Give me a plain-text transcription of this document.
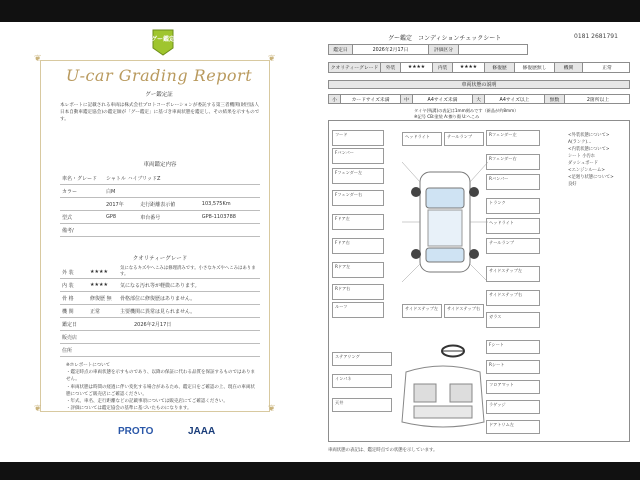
❦	❦
❦	❦
グー鑑定
U-car Grading Report
グー鑑定証
本レポートに記載される車両は株式会社プロトコーポレーションが委託する第三者機関(財団法人日本自動車鑑定協会)の鑑定師が「グー鑑定」に基づき車両状態を鑑定し、その結果を示すものです。
車両鑑定内容
車名・グレード	シャトル ハイブリッドZ		
カラー	白M		
	2017年	走行距離表示値	103,575Km
型式	GP8	車台番号	GP8-1103788
備考/			
クオリティーグレード
外 装	★★★★	気になるキズやへこみは修理済みです。小さなキズやへこみはあります。
内 装	★★★★	気になる汚れ等が軽微にあります。
骨 格	修復歴 無	骨格部位に修復歴はありません。
機 関	正常	主要機関に異常は見られません。
鑑定日	2026年2月17日
販売店	
住所	
※ホレポートについて
・鑑定時点の車両状態を示すものであり、以降の保証に代わる品質を保証するものではありません。
・車両状態は時間の経過に伴い変化する場合があるため、鑑定日をご確認の上、現在の車両状態についてご販売店にご確認ください。
・年式、車名、走行距離などの記載事項については販売店にてご確認ください。
・評価については鑑定協会の基準に基づいたものになります。
PROTO	JAAA
グー鑑定　コンディションチェックシート	0181 2681791
鑑定日	2026年2月17日	評価区分
クオリティーグレード	外装	★★★★	内装	★★★★	修復歴	修復歴無し	機関	正常
車両状態の説明
小	カードサイズ未満	中	A4サイズ未満	大	A4サイズ以上	無数	2箇所以上
タイヤ(残溝)の表記は1mm刻みです（新品が約8mm）
※記号 CB:塗装 A:擦り傷 U:へこみ
フード
Fバンパー
Fフェンダー左
Fフェンダー右
Fドア左
Fドア右
Rドア左
Rドア右
ルーフ
ヘッドライト	テールランプ
サイドステップ左	サイドステップ右
ステアリング
インパネ
天井
Rフェンダー左
Rフェンダー右
Rバンパー
トランク
ヘッドライト
テールランプ
サイドステップ左
サイドステップ右
ガラス
Fシート
Rシート
フロアマット
ラゲッジ
ドアトリム左
<外装状態について>
A(ランク)…
<内装状態について>
シート 小汚れ
ダッシュボード
<エンジンルーム>
<足廻り状態について>
良好
車両状態の表記は、鑑定時点での状態を示しています。
